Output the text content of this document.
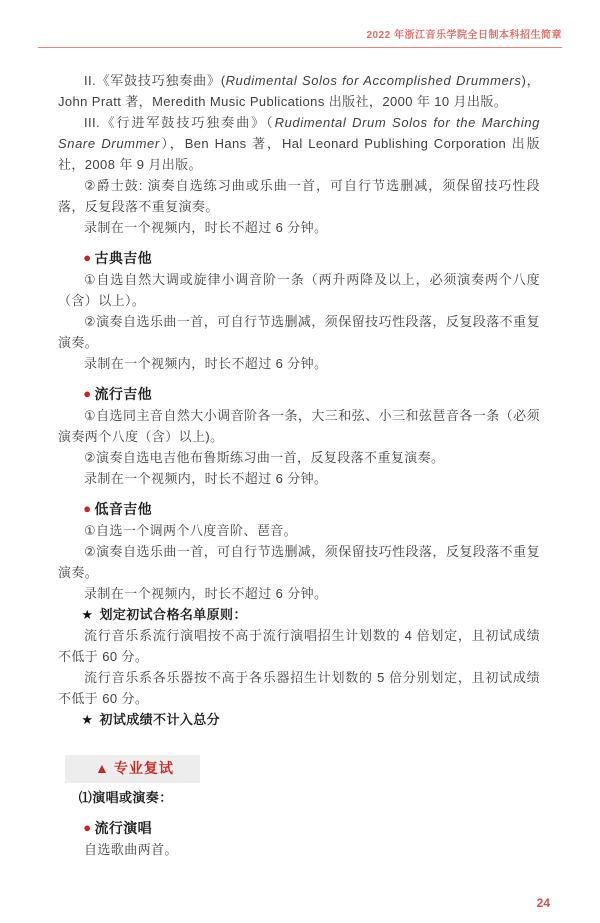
2022 年浙江音乐学院全日制本科招生简章

II.《军鼓技巧独奏曲》(Rudimental Solos for Accomplished Drummers)，John Pratt 著，Meredith Music Publications 出版社，2000 年 10 月出版。

III.《行进军鼓技巧独奏曲》（Rudimental Drum Solos for the Marching Snare Drummer），Ben Hans 著，Hal Leonard Publishing Corporation 出版社，2008 年 9 月出版。

②爵士鼓: 演奏自选练习曲或乐曲一首，可自行节选删减，须保留技巧性段落，反复段落不重复演奏。

录制在一个视频内，时长不超过 6 分钟。

● 古典吉他

①自选自然大调或旋律小调音阶一条（两升两降及以上，必须演奏两个八度（含）以上）。

②演奏自选乐曲一首，可自行节选删减，须保留技巧性段落，反复段落不重复演奏。

录制在一个视频内，时长不超过 6 分钟。

● 流行吉他

①自选同主音自然大小调音阶各一条，大三和弦、小三和弦琶音各一条（必须演奏两个八度（含）以上)。

②演奏自选电吉他布鲁斯练习曲一首，反复段落不重复演奏。

录制在一个视频内，时长不超过 6 分钟。

● 低音吉他

①自选一个调两个八度音阶、琶音。

②演奏自选乐曲一首，可自行节选删减，须保留技巧性段落，反复段落不重复演奏。

录制在一个视频内，时长不超过 6 分钟。

★ 划定初试合格名单原则：

流行音乐系流行演唱按不高于流行演唱招生计划数的 4 倍划定，且初试成绩不低于 60 分。

流行音乐系各乐器按不高于各乐器招生计划数的 5 倍分别划定，且初试成绩不低于 60 分。

★ 初试成绩不计入总分

▲ 专业复试

⑴演唱或演奏：

● 流行演唱

自选歌曲两首。

24
